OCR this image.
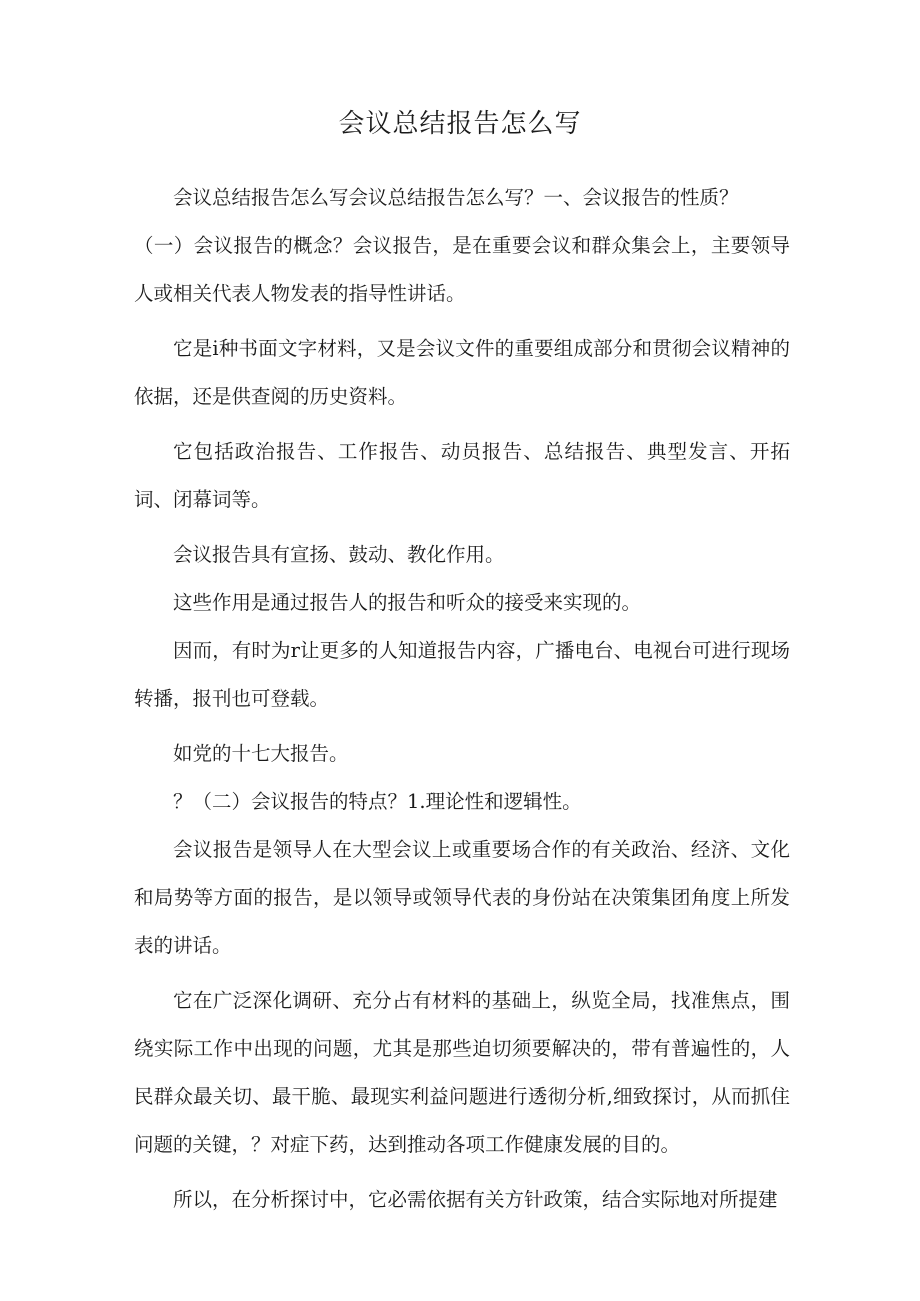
会议总结报告怎么写

会议总结报告怎么写会议总结报告怎么写？一、会议报告的性质？

（一）会议报告的概念？会议报告，是在重要会议和群众集会上，主要领导人或相关代表人物发表的指导性讲话。

它是i种书面文字材料，又是会议文件的重要组成部分和贯彻会议精神的依据，还是供查阅的历史资料。

它包括政治报告、工作报告、动员报告、总结报告、典型发言、开拓词、闭幕词等。

会议报告具有宣扬、鼓动、教化作用。

这些作用是通过报告人的报告和听众的接受来实现的。

因而，有时为r让更多的人知道报告内容，广播电台、电视台可进行现场转播，报刊也可登载。

如党的十七大报告。

？（二）会议报告的特点？1.理论性和逻辑性。

会议报告是领导人在大型会议上或重要场合作的有关政治、经济、文化和局势等方面的报告，是以领导或领导代表的身份站在决策集团角度上所发表的讲话。

它在广泛深化调研、充分占有材料的基础上，纵览全局，找准焦点，围绕实际工作中出现的问题，尤其是那些迫切须要解决的，带有普遍性的，人民群众最关切、最干脆、最现实利益问题进行透彻分析,细致探讨，从而抓住问题的关键，？对症下药，达到推动各项工作健康发展的目的。

所以，在分析探讨中，它必需依据有关方针政策，结合实际地对所提建
